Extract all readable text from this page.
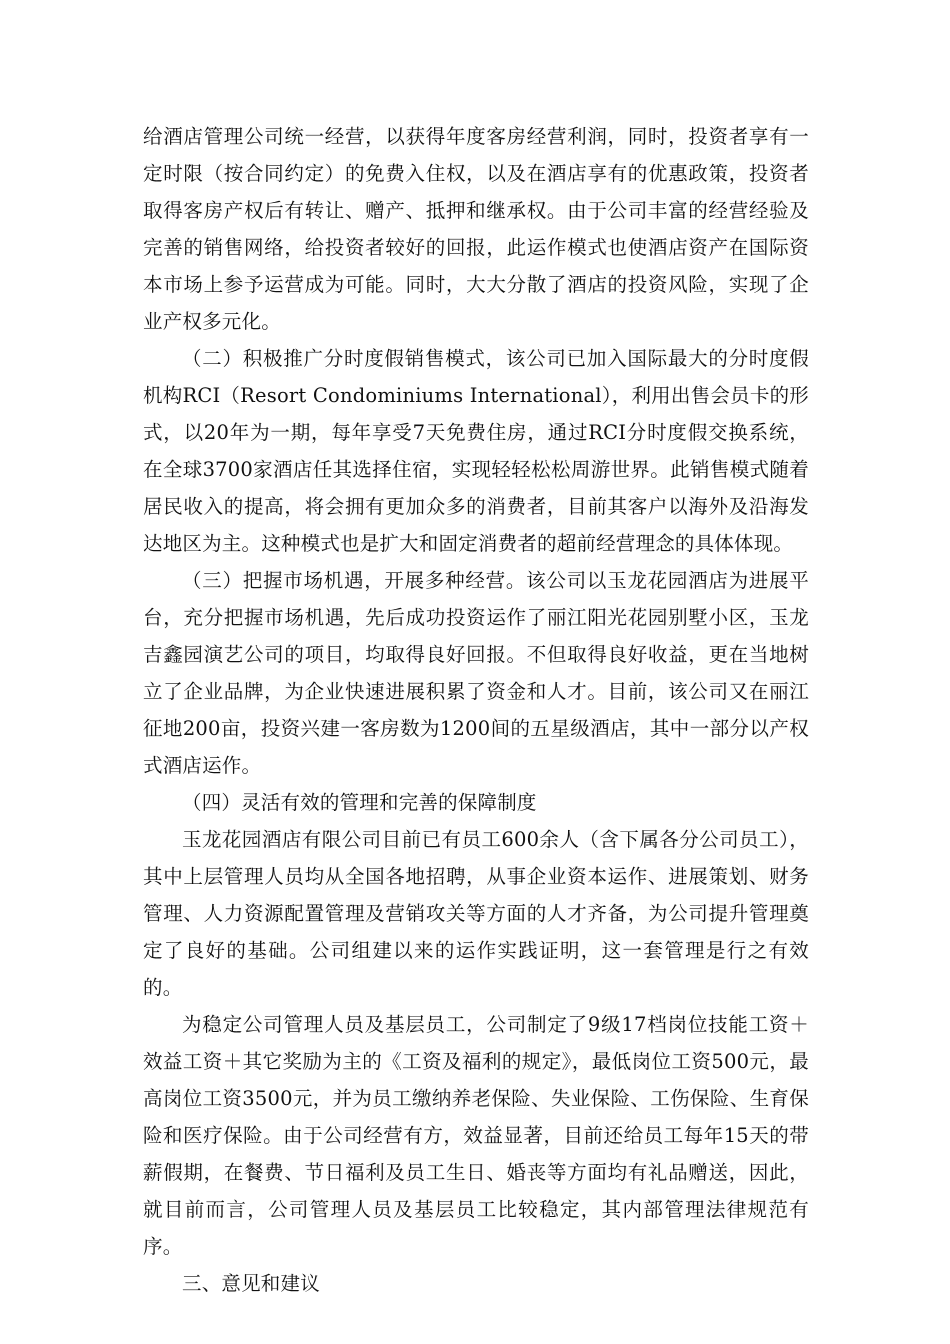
给酒店管理公司统一经营，以获得年度客房经营利润，同时，投资者享有一定时限（按合同约定）的免费入住权，以及在酒店享有的优惠政策，投资者取得客房产权后有转让、赠产、抵押和继承权。由于公司丰富的经营经验及完善的销售网络，给投资者较好的回报，此运作模式也使酒店资产在国际资本市场上参予运营成为可能。同时，大大分散了酒店的投资风险，实现了企业产权多元化。

（二）积极推广分时度假销售模式，该公司已加入国际最大的分时度假机构RCI（Resort Condominiums International），利用出售会员卡的形式，以20年为一期，每年享受7天免费住房，通过RCI分时度假交换系统，在全球3700家酒店任其选择住宿，实现轻轻松松周游世界。此销售模式随着居民收入的提高，将会拥有更加众多的消费者，目前其客户以海外及沿海发达地区为主。这种模式也是扩大和固定消费者的超前经营理念的具体体现。

（三）把握市场机遇，开展多种经营。该公司以玉龙花园酒店为进展平台，充分把握市场机遇，先后成功投资运作了丽江阳光花园别墅小区，玉龙吉鑫园演艺公司的项目，均取得良好回报。不但取得良好收益，更在当地树立了企业品牌，为企业快速进展积累了资金和人才。目前，该公司又在丽江征地200亩，投资兴建一客房数为1200间的五星级酒店，其中一部分以产权式酒店运作。

（四）灵活有效的管理和完善的保障制度

玉龙花园酒店有限公司目前已有员工600余人（含下属各分公司员工），其中上层管理人员均从全国各地招聘，从事企业资本运作、进展策划、财务管理、人力资源配置管理及营销攻关等方面的人才齐备，为公司提升管理奠定了良好的基础。公司组建以来的运作实践证明，这一套管理是行之有效的。

为稳定公司管理人员及基层员工，公司制定了9级17档岗位技能工资＋效益工资＋其它奖励为主的《工资及福利的规定》，最低岗位工资500元，最高岗位工资3500元，并为员工缴纳养老保险、失业保险、工伤保险、生育保险和医疗保险。由于公司经营有方，效益显著，目前还给员工每年15天的带薪假期，在餐费、节日福利及员工生日、婚丧等方面均有礼品赠送，因此，就目前而言，公司管理人员及基层员工比较稳定，其内部管理法律规范有序。

三、意见和建议
